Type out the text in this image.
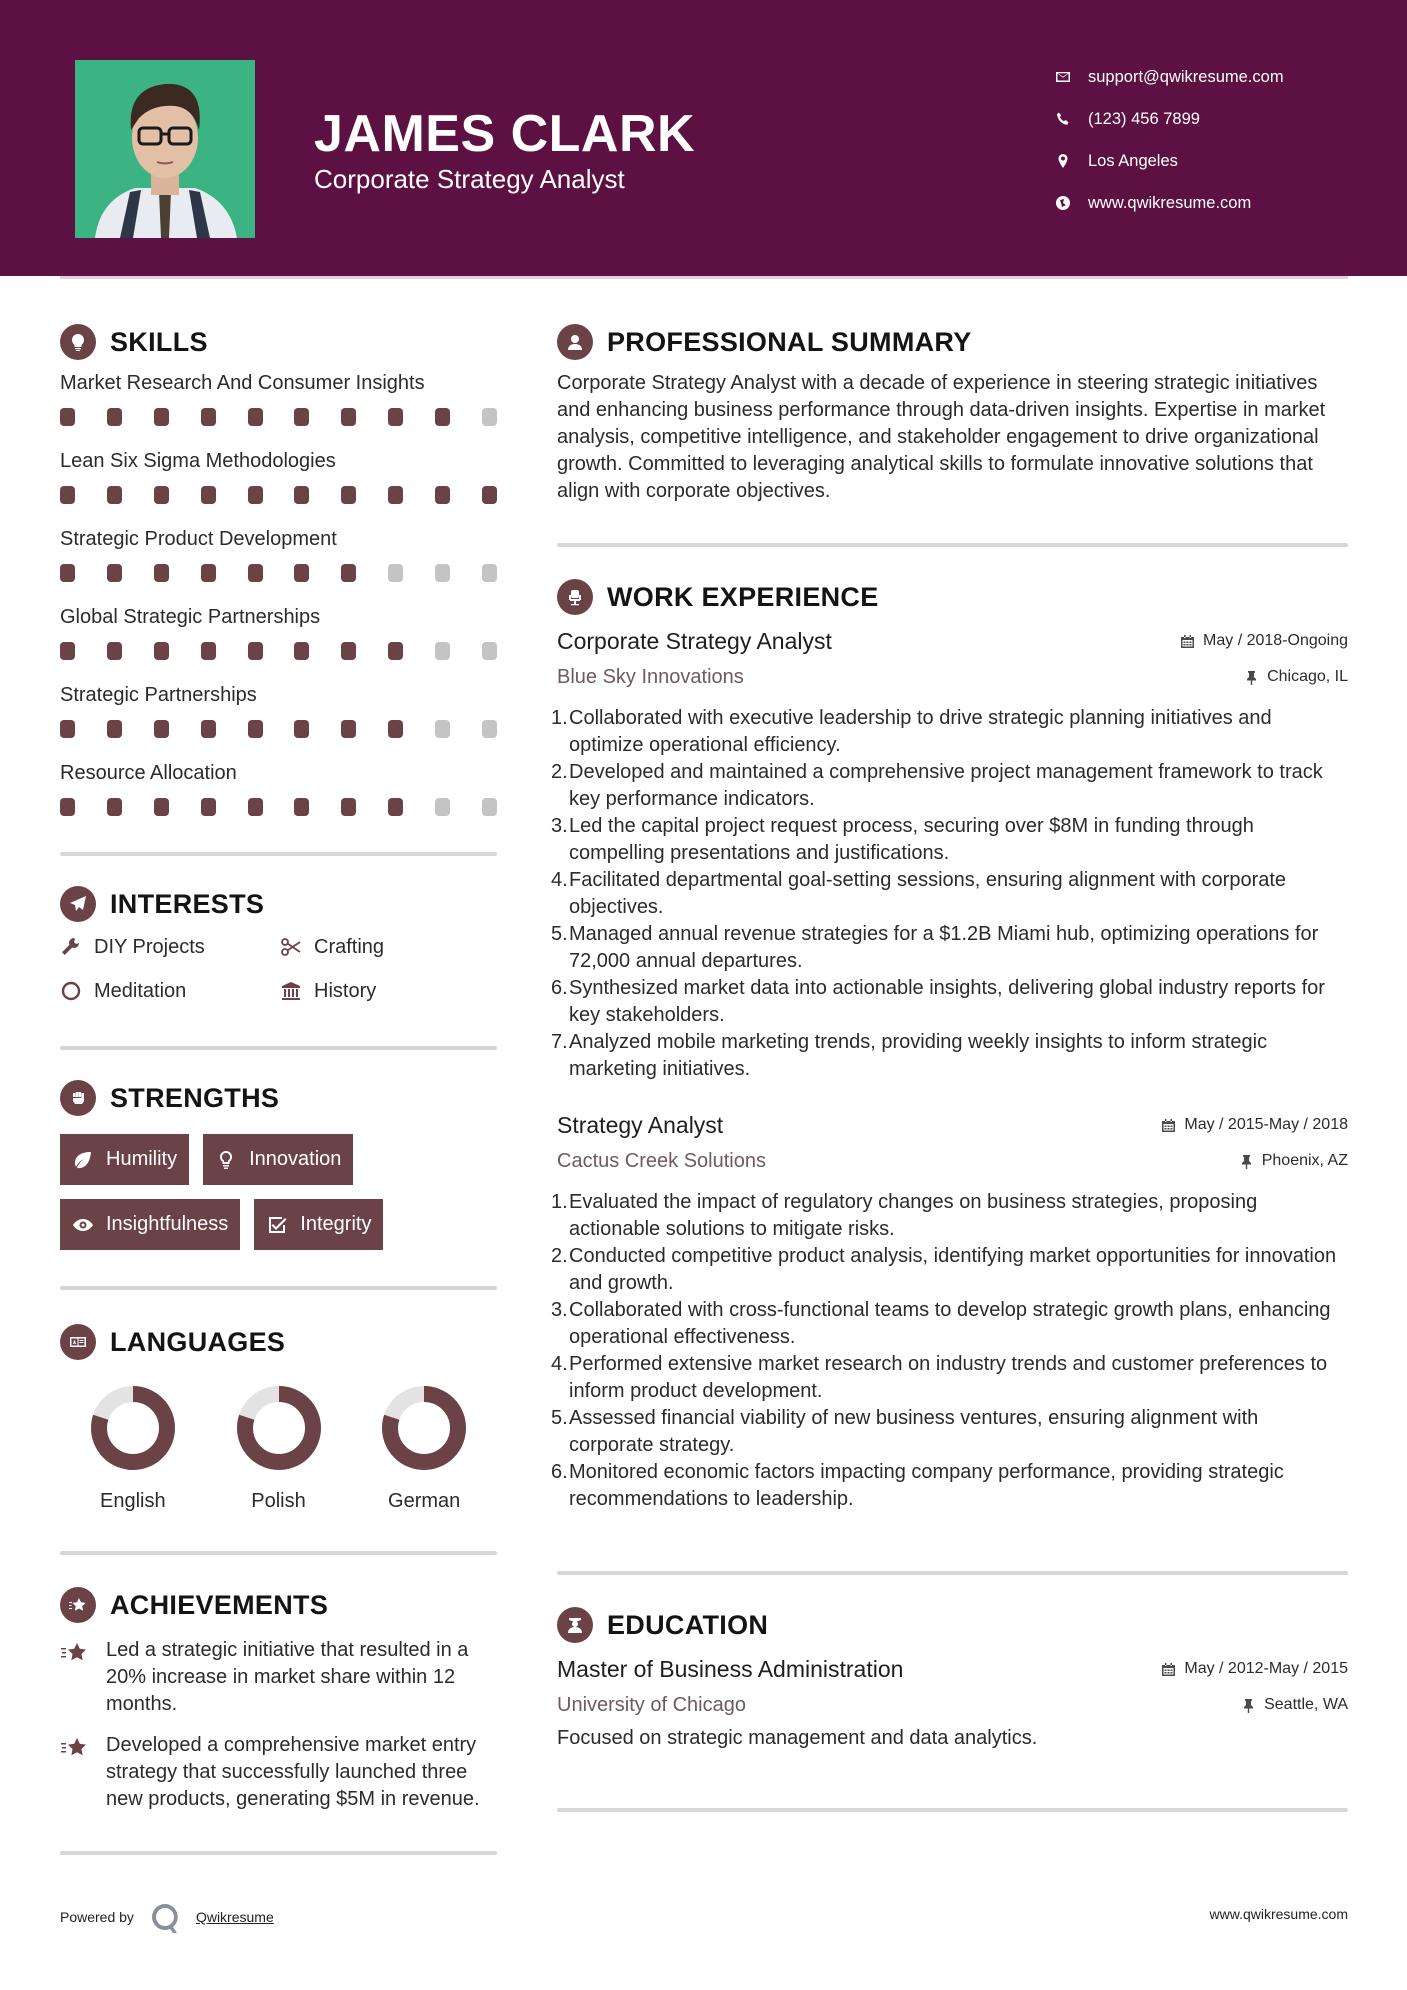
JAMES CLARK
Corporate Strategy Analyst
support@qwikresume.com
(123) 456 7899
Los Angeles
www.qwikresume.com
SKILLS
Market Research And Consumer Insights
Lean Six Sigma Methodologies
Strategic Product Development
Global Strategic Partnerships
Strategic Partnerships
Resource Allocation
INTERESTS
DIY Projects	Crafting
Meditation	History
STRENGTHS
Humility	Innovation
Insightfulness	Integrity
LANGUAGES
English	Polish	German
ACHIEVEMENTS
Led a strategic initiative that resulted in a 20% increase in market share within 12 months.
Developed a comprehensive market entry strategy that successfully launched three new products, generating $5M in revenue.
PROFESSIONAL SUMMARY

Corporate Strategy Analyst with a decade of experience in steering strategic initiatives and enhancing business performance through data-driven insights. Expertise in market analysis, competitive intelligence, and stakeholder engagement to drive organizational growth. Committed to leveraging analytical skills to formulate innovative solutions that align with corporate objectives.

WORK EXPERIENCE
Corporate Strategy Analyst	May / 2018-Ongoing
Blue Sky Innovations	Chicago, IL
1. Collaborated with executive leadership to drive strategic planning initiatives and optimize operational efficiency.
2. Developed and maintained a comprehensive project management framework to track key performance indicators.
3. Led the capital project request process, securing over $8M in funding through compelling presentations and justifications.
4. Facilitated departmental goal-setting sessions, ensuring alignment with corporate objectives.
5. Managed annual revenue strategies for a $1.2B Miami hub, optimizing operations for 72,000 annual departures.
6. Synthesized market data into actionable insights, delivering global industry reports for key stakeholders.
7. Analyzed mobile marketing trends, providing weekly insights to inform strategic marketing initiatives.
Strategy Analyst	May / 2015-May / 2018
Cactus Creek Solutions	Phoenix, AZ
1. Evaluated the impact of regulatory changes on business strategies, proposing actionable solutions to mitigate risks.
2. Conducted competitive product analysis, identifying market opportunities for innovation and growth.
3. Collaborated with cross-functional teams to develop strategic growth plans, enhancing operational effectiveness.
4. Performed extensive market research on industry trends and customer preferences to inform product development.
5. Assessed financial viability of new business ventures, ensuring alignment with corporate strategy.
6. Monitored economic factors impacting company performance, providing strategic recommendations to leadership.
EDUCATION
Master of Business Administration	May / 2012-May / 2015
University of Chicago	Seattle, WA
Focused on strategic management and data analytics.
Powered by	Qwikresume	www.qwikresume.com
